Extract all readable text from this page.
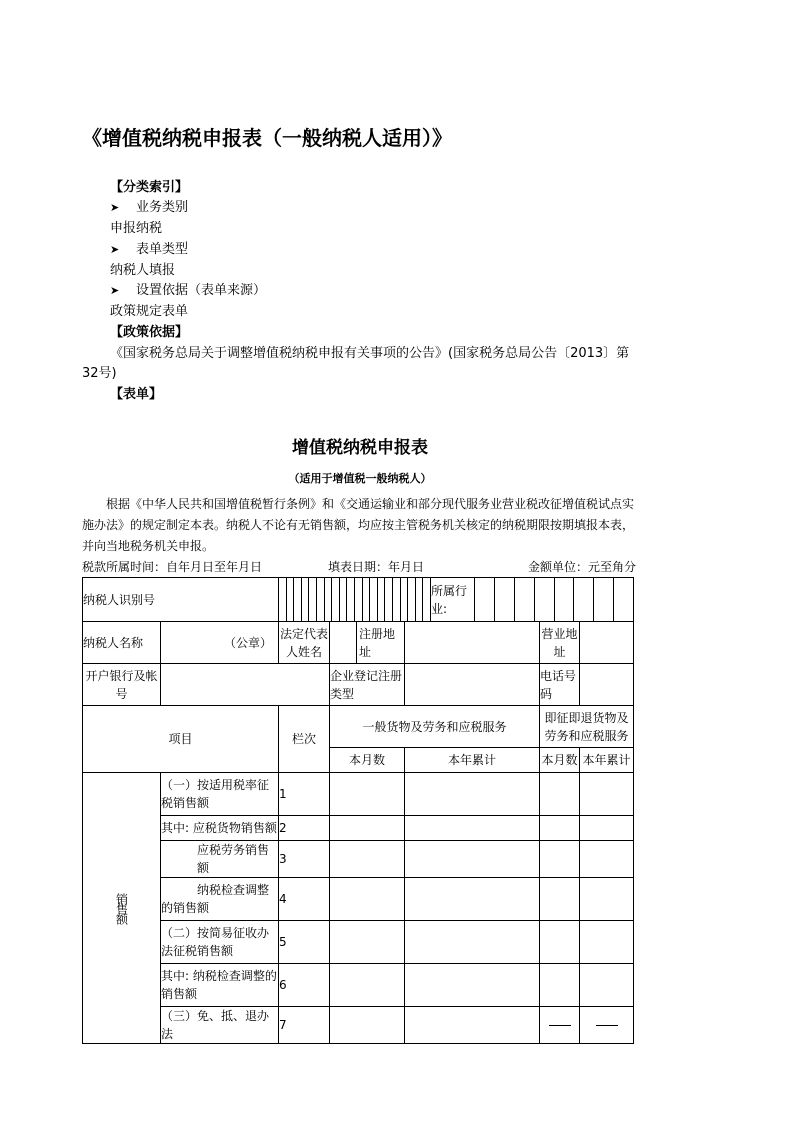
《增值税纳税申报表（一般纳税人适用）》
【分类索引】
➤ 业务类别
申报纳税
➤ 表单类型
纳税人填报
➤ 设置依据（表单来源）
政策规定表单
【政策依据】
《国家税务总局关于调整增值税纳税申报有关事项的公告》(国家税务总局公告〔2013〕第
32号)
【表单】
增值税纳税申报表
（适用于增值税一般纳税人）
根据《中华人民共和国增值税暂行条例》和《交通运输业和部分现代服务业营业税改征增值税试点实
施办法》的规定制定本表。纳税人不论有无销售额，均应按主管税务机关核定的纳税期限按期填报本表，
并向当地税务机关申报。
税款所属时间：自年月日至年月日	填表日期：年月日	金额单位：元至角分
纳税人识别号						所属行业:			

纳税人名称	（公章）	法定代表人姓名		注册地址				营业地址	
开户银行及帐号			企业登记注册类型					电话号码	
项目		栏次	一般货物及劳务和应税服务					即征即退货物及劳务和应税服务	
			本月数		本年累计			本月数	本年累计

销售额	（一）按适用税率征税销售额	1							
	其中: 应税货物销售额	2							
	应税劳务销售额	3							
	纳税检查调整的销售额	4							
	（二）按简易征收办法征税销售额	5							
	其中: 纳税检查调整的销售额	6							
	（三）免、抵、退办法	7							
